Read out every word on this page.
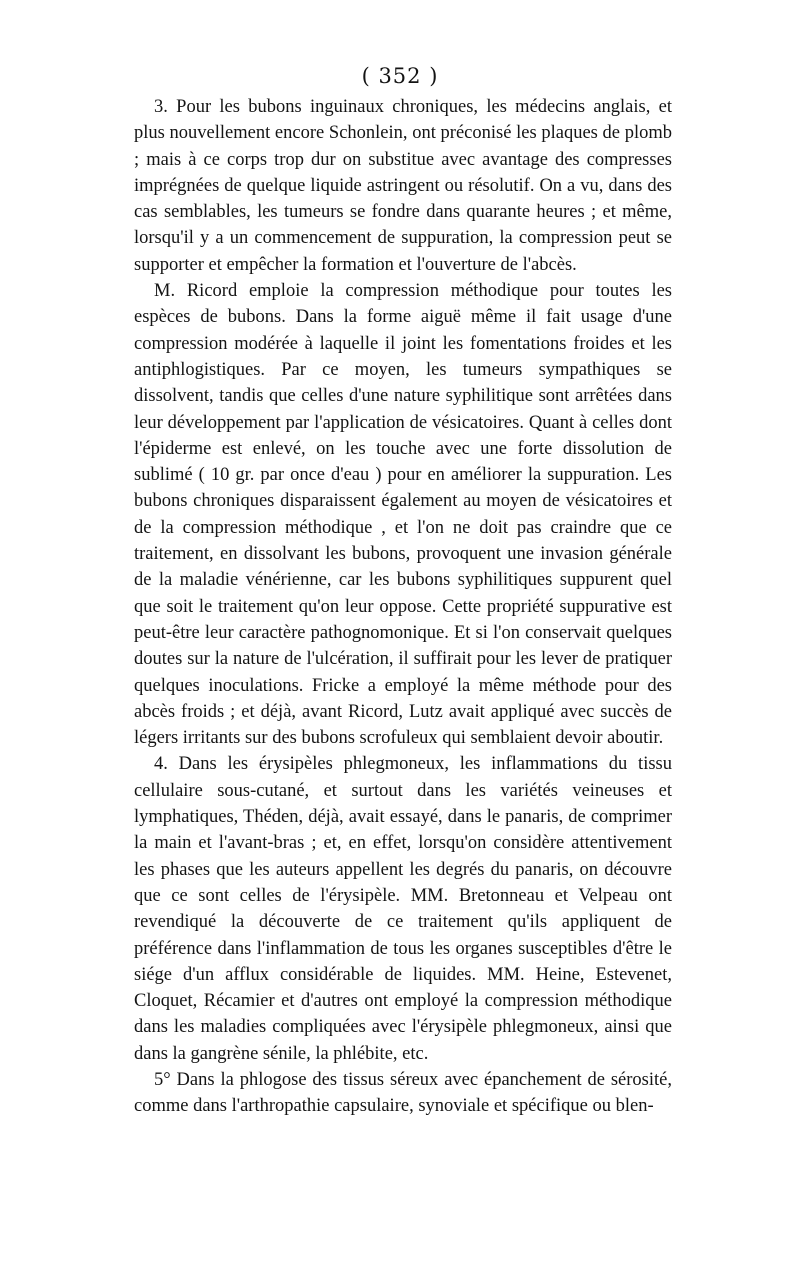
( 352 )

3. Pour les bubons inguinaux chroniques, les médecins anglais, et plus nouvellement encore Schonlein, ont préconisé les plaques de plomb ; mais à ce corps trop dur on substitue avec avantage des compresses imprégnées de quelque liquide astringent ou résolutif. On a vu, dans des cas semblables, les tumeurs se fondre dans quarante heures ; et même, lorsqu'il y a un commencement de suppuration, la compression peut se supporter et empêcher la formation et l'ouverture de l'abcès.

M. Ricord emploie la compression méthodique pour toutes les espèces de bubons. Dans la forme aiguë même il fait usage d'une compression modérée à laquelle il joint les fomentations froides et les antiphlogistiques. Par ce moyen, les tumeurs sympathiques se dissolvent, tandis que celles d'une nature syphilitique sont arrêtées dans leur développement par l'application de vésicatoires. Quant à celles dont l'épiderme est enlevé, on les touche avec une forte dissolution de sublimé ( 10 gr. par once d'eau ) pour en améliorer la suppuration. Les bubons chroniques disparaissent également au moyen de vésicatoires et de la compression méthodique , et l'on ne doit pas craindre que ce traitement, en dissolvant les bubons, provoquent une invasion générale de la maladie vénérienne, car les bubons syphilitiques suppurent quel que soit le traitement qu'on leur oppose. Cette propriété suppurative est peut-être leur caractère pathognomonique. Et si l'on conservait quelques doutes sur la nature de l'ulcération, il suffirait pour les lever de pratiquer quelques inoculations. Fricke a employé la même méthode pour des abcès froids ; et déjà, avant Ricord, Lutz avait appliqué avec succès de légers irritants sur des bubons scrofuleux qui semblaient devoir aboutir.

4. Dans les érysipèles phlegmoneux, les inflammations du tissu cellulaire sous-cutané, et surtout dans les variétés veineuses et lymphatiques, Théden, déjà, avait essayé, dans le panaris, de comprimer la main et l'avant-bras ; et, en effet, lorsqu'on considère attentivement les phases que les auteurs appellent les degrés du panaris, on découvre que ce sont celles de l'érysipèle. MM. Bretonneau et Velpeau ont revendiqué la découverte de ce traitement qu'ils appliquent de préférence dans l'inflammation de tous les organes susceptibles d'être le siége d'un afflux considérable de liquides. MM. Heine, Estevenet, Cloquet, Récamier et d'autres ont employé la compression méthodique dans les maladies compliquées avec l'érysipèle phlegmoneux, ainsi que dans la gangrène sénile, la phlébite, etc.

5° Dans la phlogose des tissus séreux avec épanchement de sérosité, comme dans l'arthropathie capsulaire, synoviale et spécifique ou blen-
